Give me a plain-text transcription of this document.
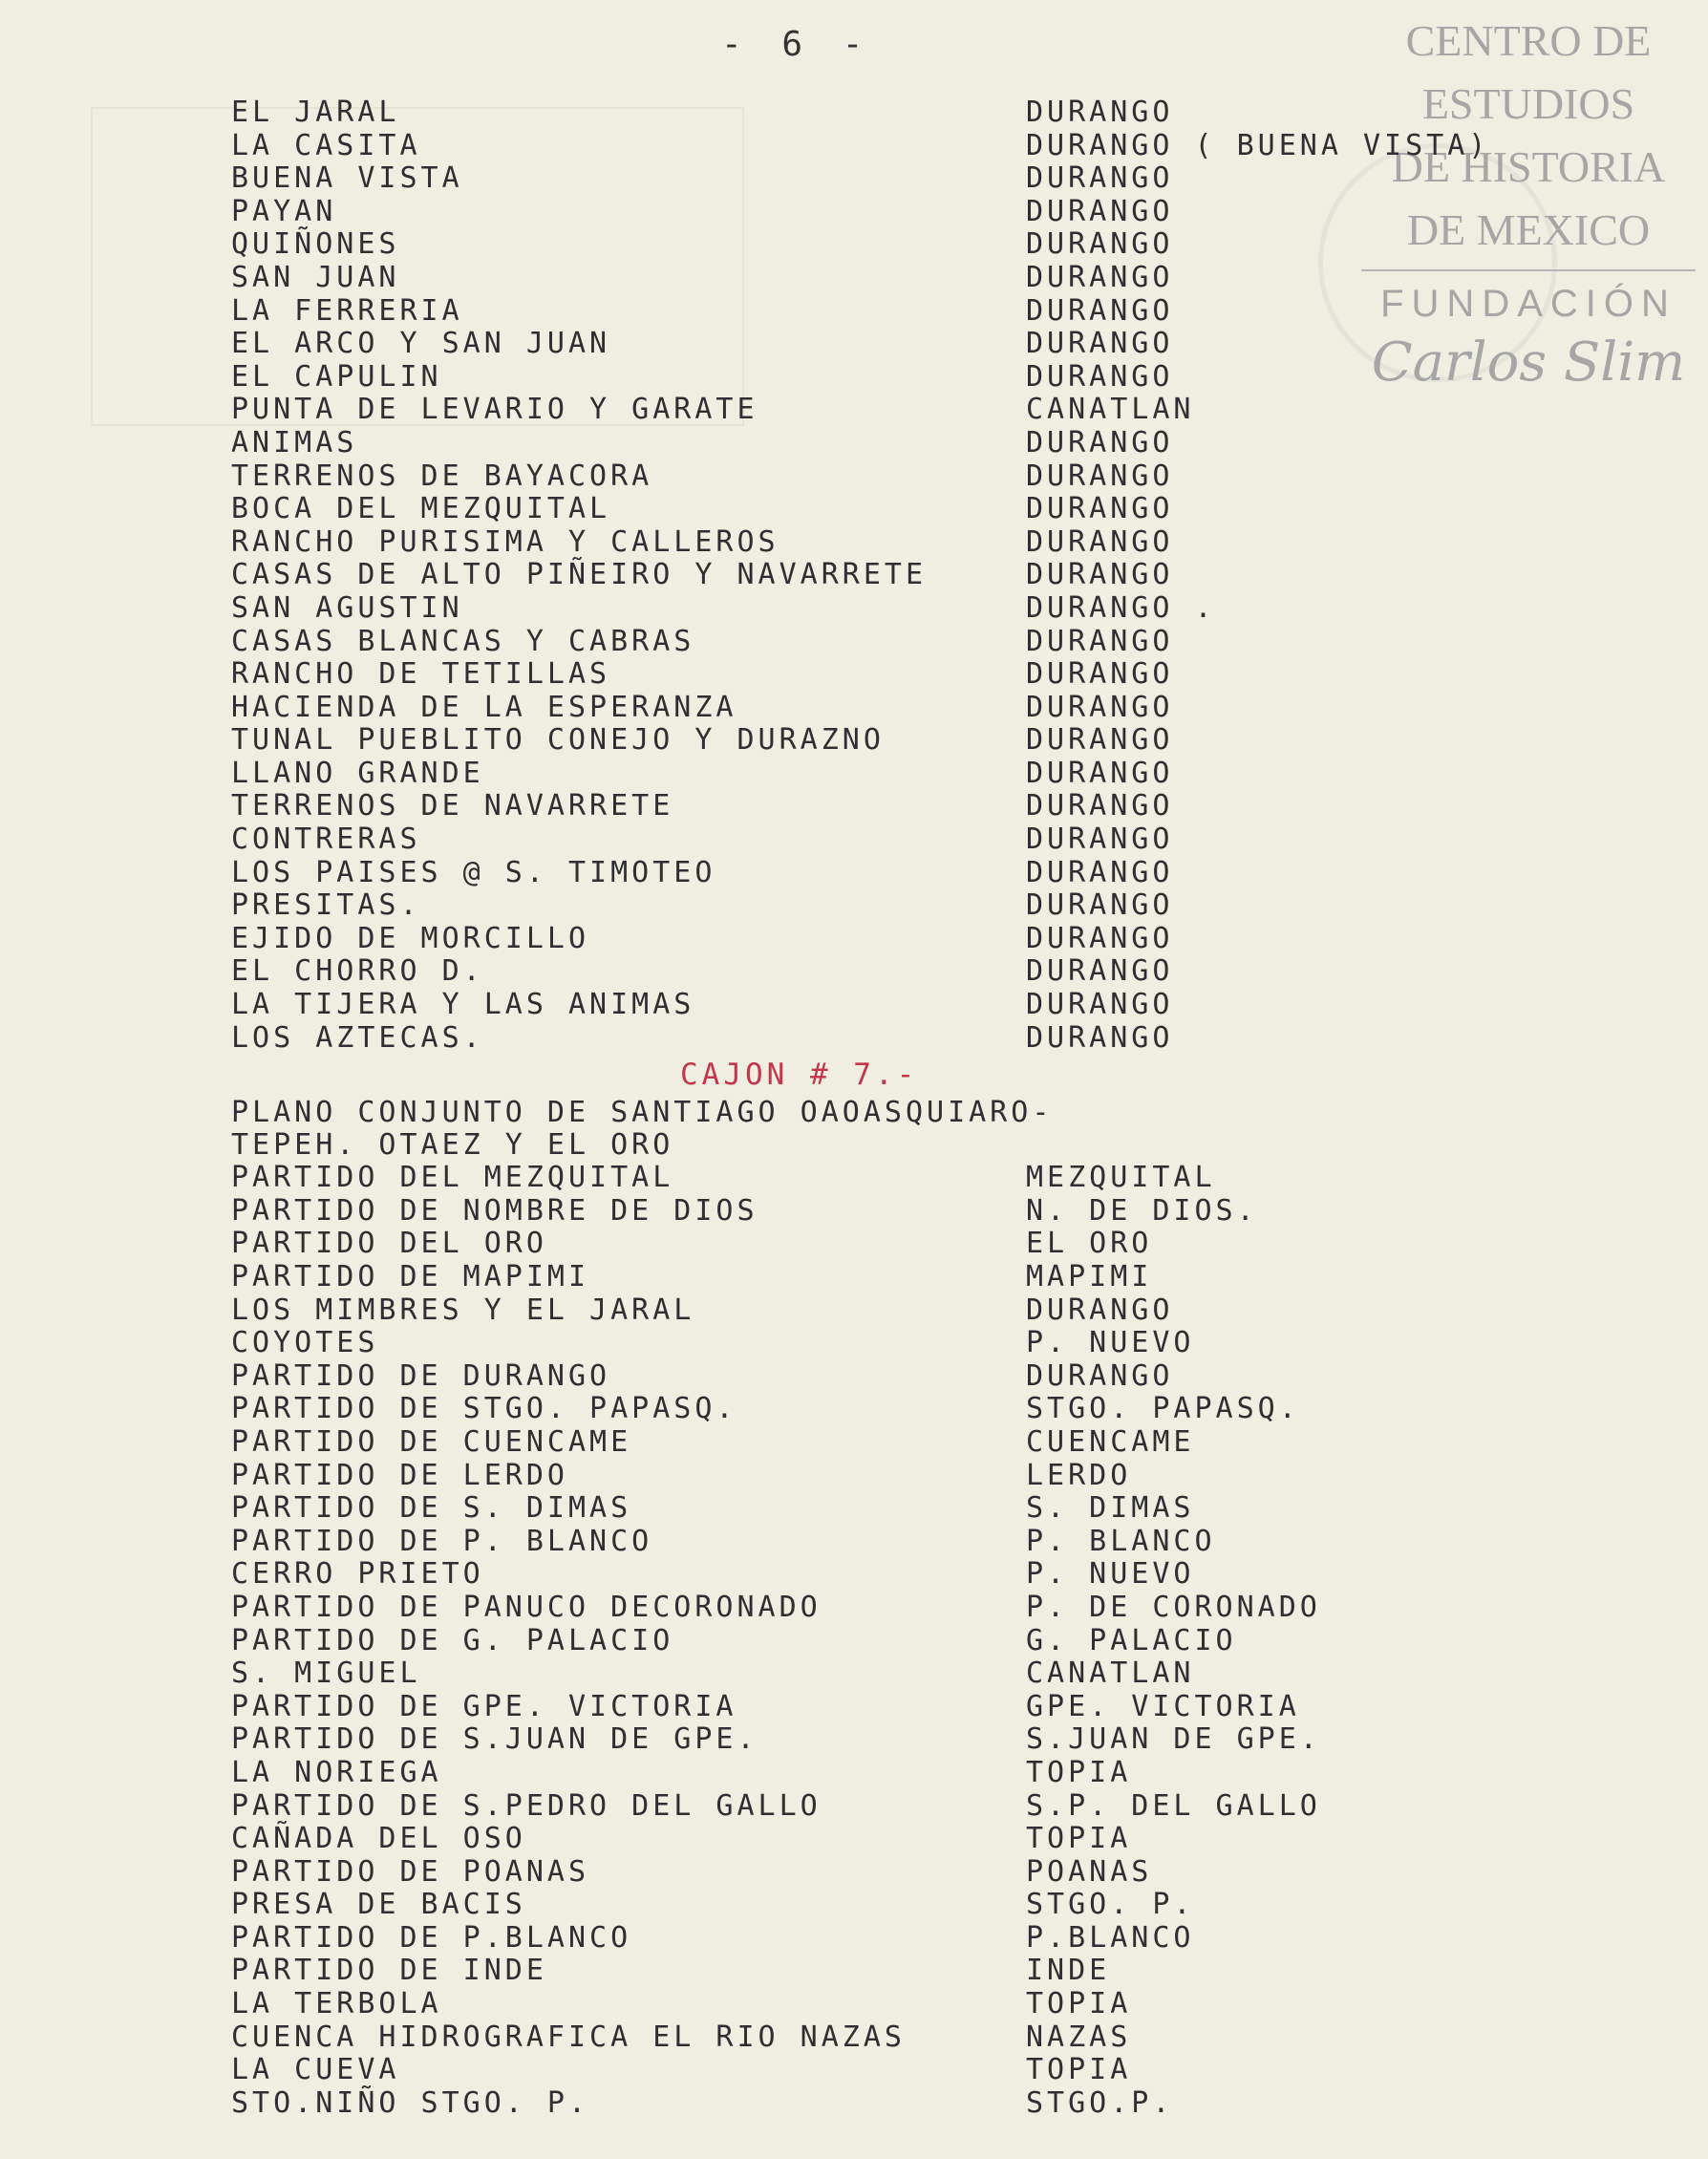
- 6 -	CENTRO DE
ESTUDIOS
DE HISTORIA
DE MEXICO
FUNDACIÓN
Carlos Slim
EL JARAL	DURANGO
LA CASITA	DURANGO ( BUENA VISTA)
BUENA VISTA	DURANGO
PAYAN	DURANGO
QUIÑONES	DURANGO
SAN JUAN	DURANGO
LA FERRERIA	DURANGO
EL ARCO Y SAN JUAN	DURANGO
EL CAPULIN	DURANGO
PUNTA DE LEVARIO Y GARATE	CANATLAN
ANIMAS	DURANGO
TERRENOS DE BAYACORA	DURANGO
BOCA DEL MEZQUITAL	DURANGO
RANCHO PURISIMA Y CALLEROS	DURANGO
CASAS DE ALTO PIÑEIRO Y NAVARRETE	DURANGO
SAN AGUSTIN	DURANGO .
CASAS BLANCAS Y CABRAS	DURANGO
RANCHO DE TETILLAS	DURANGO
HACIENDA DE LA ESPERANZA	DURANGO
TUNAL PUEBLITO CONEJO Y DURAZNO	DURANGO
LLANO GRANDE	DURANGO
TERRENOS DE NAVARRETE	DURANGO
CONTRERAS	DURANGO
LOS PAISES @ S. TIMOTEO	DURANGO
PRESITAS.	DURANGO
EJIDO DE MORCILLO	DURANGO
EL CHORRO D.	DURANGO
LA TIJERA Y LAS ANIMAS	DURANGO
LOS AZTECAS.	DURANGO
CAJON # 7.-
PLANO CONJUNTO DE SANTIAGO OAOASQUIARO-
TEPEH. OTAEZ Y EL ORO
PARTIDO DEL MEZQUITAL	MEZQUITAL
PARTIDO DE NOMBRE DE DIOS	N. DE DIOS.
PARTIDO DEL ORO	EL ORO
PARTIDO DE MAPIMI	MAPIMI
LOS MIMBRES Y EL JARAL	DURANGO
COYOTES	P. NUEVO
PARTIDO DE DURANGO	DURANGO
PARTIDO DE STGO. PAPASQ.	STGO. PAPASQ.
PARTIDO DE CUENCAME	CUENCAME
PARTIDO DE LERDO	LERDO
PARTIDO DE S. DIMAS	S. DIMAS
PARTIDO DE P. BLANCO	P. BLANCO
CERRO PRIETO	P. NUEVO
PARTIDO DE PANUCO DECORONADO	P. DE CORONADO
PARTIDO DE G. PALACIO	G. PALACIO
S. MIGUEL	CANATLAN
PARTIDO DE GPE. VICTORIA	GPE. VICTORIA
PARTIDO DE S.JUAN DE GPE.	S.JUAN DE GPE.
LA NORIEGA	TOPIA
PARTIDO DE S.PEDRO DEL GALLO	S.P. DEL GALLO
CAÑADA DEL OSO	TOPIA
PARTIDO DE POANAS	POANAS
PRESA DE BACIS	STGO. P.
PARTIDO DE P.BLANCO	P.BLANCO
PARTIDO DE INDE	INDE
LA TERBOLA	TOPIA
CUENCA HIDROGRAFICA EL RIO NAZAS	NAZAS
LA CUEVA	TOPIA
STO.NIÑO STGO. P.	STGO.P.
